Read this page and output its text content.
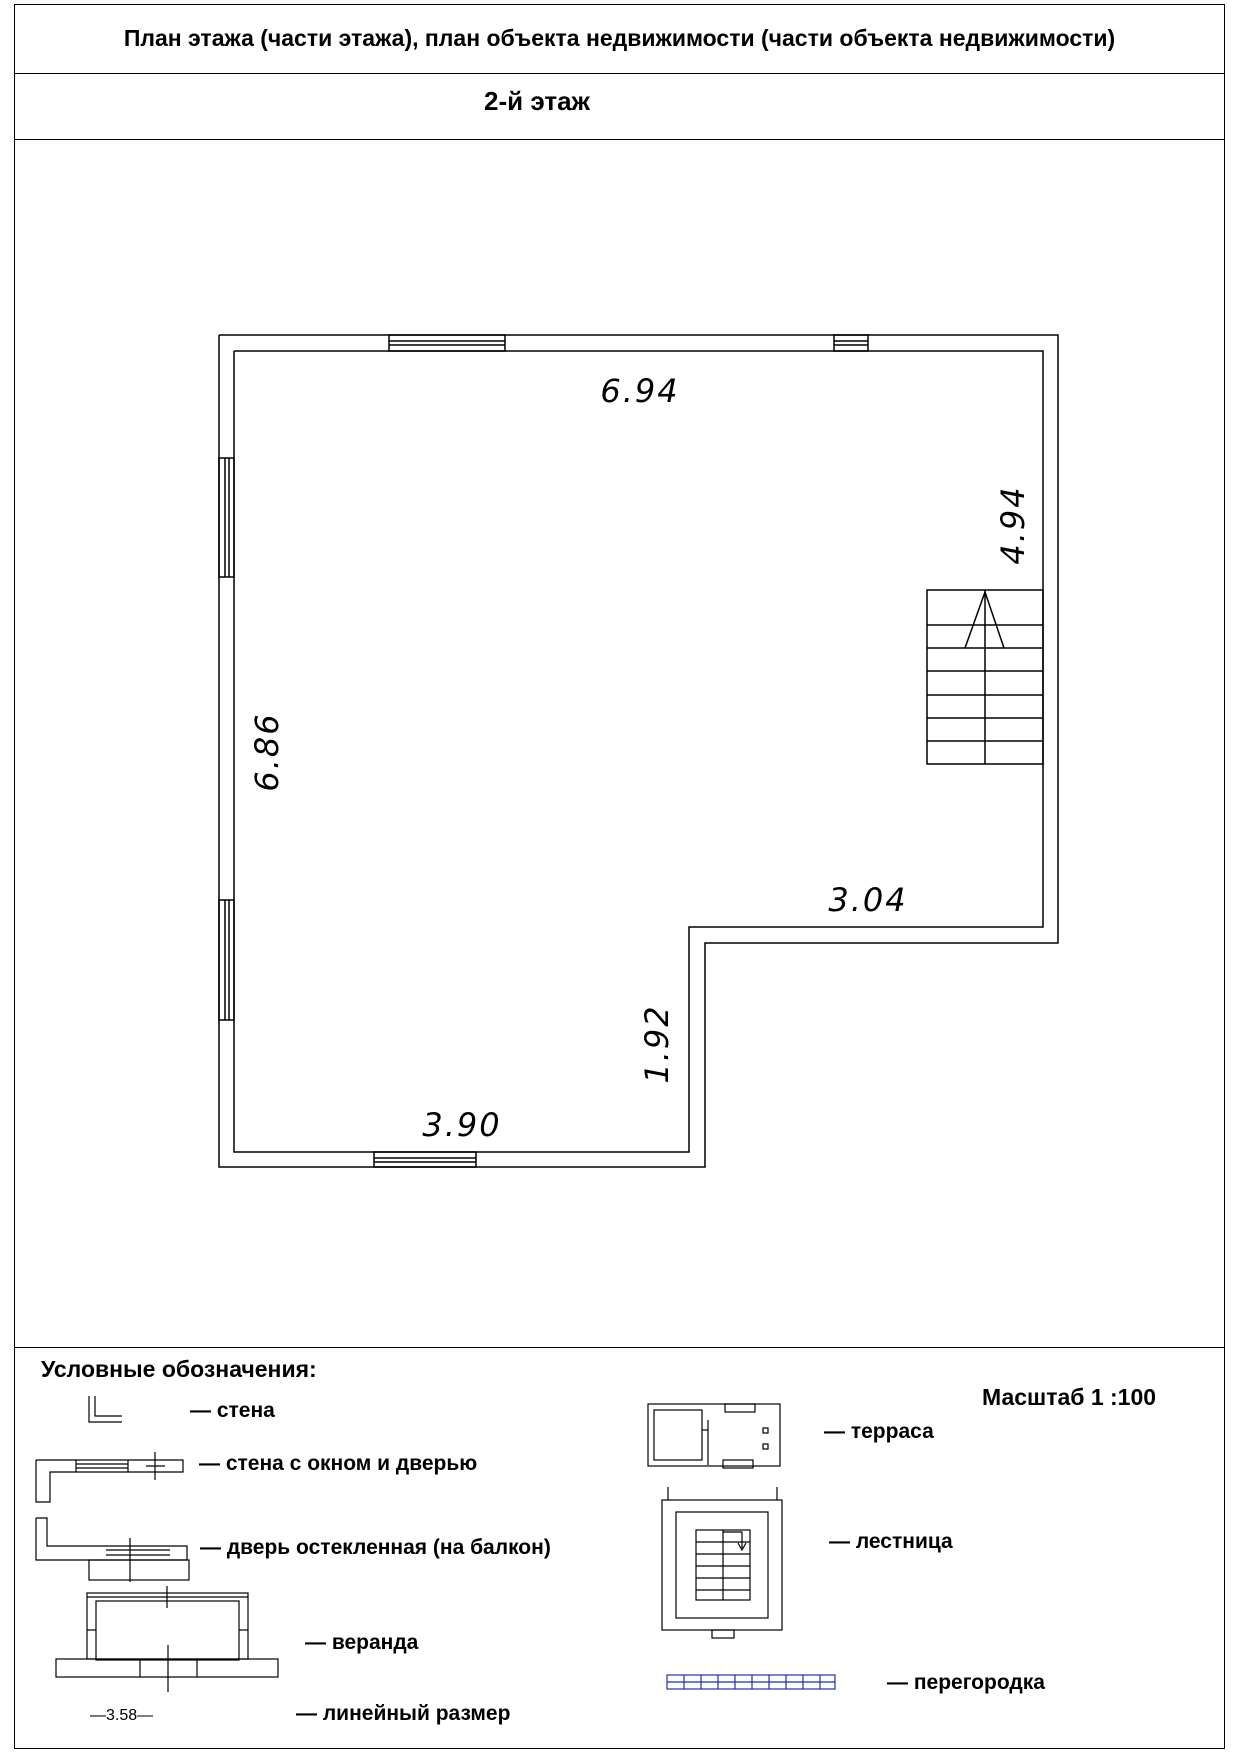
План этажа (части этажа), план объекта недвижимости (части объекта недвижимости)
2-й этаж
6.94
6.86
4.94
3.04
1.92
3.90
Условные обозначения:
Масштаб 1 :100
— стена
— стена с окном и дверью
— дверь остекленная (на балкон)
— веранда
— линейный размер
— терраса
— лестница
— перегородка
—3.58—
